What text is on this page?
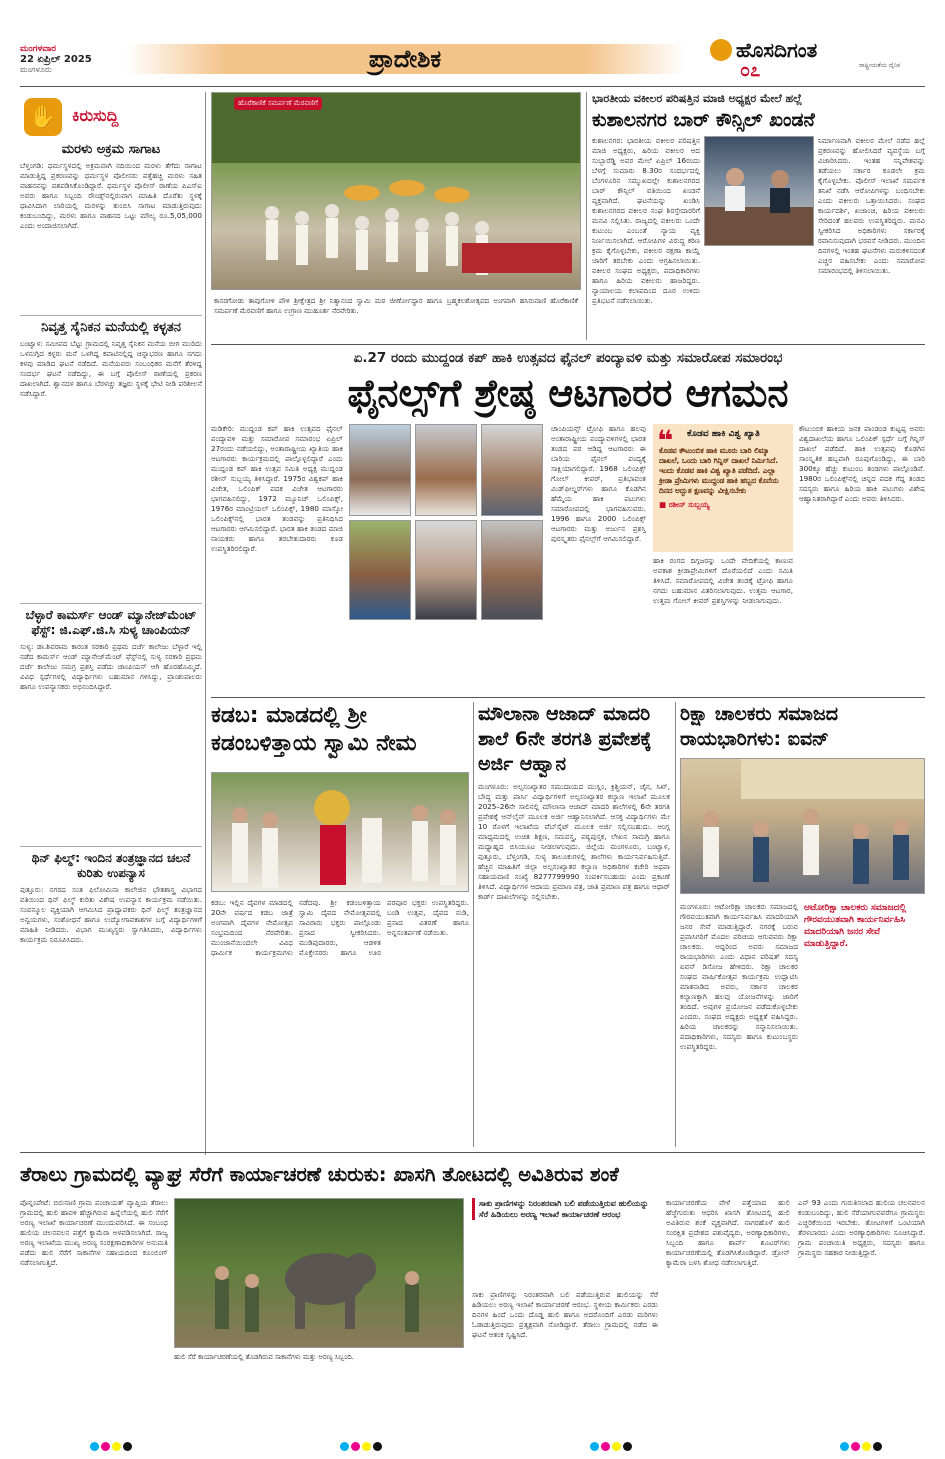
ಮಂಗಳವಾರ
22 ಏಪ್ರಿಲ್ 2025
ಮಂಗಳೂರು	ಪ್ರಾದೇಶಿಕ	ಹೊಸದಿಗಂತ
ರಾಷ್ಟ್ರೀಯತೆಯ ದೈನಿಕ
೦೭
✋ ಕಿರುಸುದ್ದಿ
ಮರಳು ಅಕ್ರಮ ಸಾಗಾಟ
ಬೆಳ್ತಂಗಡಿ: ಧರ್ಮಸ್ಥಳದಲ್ಲಿ ಅಕ್ರಮವಾಗಿ ನದಿಯಿಂದ ಮರಳು ತೆಗೆದು ಸಾಗಾಟ ಮಾಡುತ್ತಿದ್ದ ಪ್ರಕರಣವನ್ನು ಧರ್ಮಸ್ಥಳ ಪೊಲೀಸರು ಪತ್ತೆಹಚ್ಚಿ ಮರಳು ಸಹಿತ ವಾಹನವನ್ನು ವಶಪಡಿಸಿಕೊಂಡಿದ್ದಾರೆ. ಧರ್ಮಸ್ಥಳ ಪೊಲೀಸ್ ಠಾಣೆಯ ಪಿಎಸ್ಐ ಅವರು ಹಾಗೂ ಸಿಬ್ಬಂದಿ ರೌಂಡ್ಸ್‌ನಲ್ಲಿರುವಾಗ ಮಾಹಿತಿ ದೊರೆತು ಸ್ಥಳಕ್ಕೆ ಧಾವಿಸಿದಾಗ ಲಾರಿಯಲ್ಲಿ ಮರಳನ್ನು ತುಂಬಿಸಿ ಸಾಗಾಟ ಮಾಡುತ್ತಿರುವುದು ಕಂಡುಬಂದಿದ್ದು, ಮರಳು ಹಾಗೂ ವಾಹನದ ಒಟ್ಟು ಮೌಲ್ಯ ರೂ.5,05,000 ಎಂದು ಅಂದಾಜಿಸಲಾಗಿದೆ.
ನಿವೃತ್ತ ಸೈನಿಕನ ಮನೆಯಲ್ಲಿ ಕಳ್ಳತನ
ಬಂಟ್ವಾಳ: ಸಮೀಪದ ಬೆಟ್ಟು ಗ್ರಾಮದಲ್ಲಿ ನಿವೃತ್ತ ಸೈನಿಕನ ಮನೆಯ ಬೀಗ ಮುರಿದು ಒಳನುಗ್ಗಿದ ಕಳ್ಳರು ಮನೆ ಒಳಗಿದ್ದ ಕಪಾಟಿನಲ್ಲಿದ್ದ ಚಿನ್ನಾಭರಣ ಹಾಗೂ ನಗದು ಕಳವು ಮಾಡಿದ ಘಟನೆ ನಡೆದಿದೆ. ಮನೆಯವರು ಸಂಬಂಧಿಕರ ಮನೆಗೆ ತೆರಳಿದ್ದ ಸಂದರ್ಭ ಘಟನೆ ನಡೆದಿದ್ದು, ಈ ಬಗ್ಗೆ ಪೊಲೀಸ್ ಠಾಣೆಯಲ್ಲಿ ಪ್ರಕರಣ ದಾಖಲಾಗಿದೆ. ಶ್ವಾನದಳ ಹಾಗೂ ಬೆರಳಚ್ಚು ತಜ್ಞರು ಸ್ಥಳಕ್ಕೆ ಭೇಟಿ ನೀಡಿ ಪರಿಶೀಲನೆ ನಡೆಸಿದ್ದಾರೆ.
ಬೆಳ್ಳಾರೆ ಕಾಮರ್ಸ್ ಆಂಡ್ ಮ್ಯಾನೇಜ್‌ಮೆಂಟ್ ಫೆಸ್ಟ್: ಜಿ.ಎಫ್.ಜಿ.ಸಿ ಸುಳ್ಯ ಚಾಂಪಿಯನ್
ಸುಳ್ಯ: ಡಾ.ಶಿವರಾಮ ಕಾರಂತ ಸರಕಾರಿ ಪ್ರಥಮ ದರ್ಜೆ ಕಾಲೇಜು ಬೆಳ್ಳಾರೆ ಇಲ್ಲಿ ನಡೆದ ಕಾಮರ್ಸ್ ಆಂಡ್ ಮ್ಯಾನೇಜ್‌ಮೆಂಟ್ ಫೆಸ್ಟ್‌ನಲ್ಲಿ ಸುಳ್ಯ ಸರಕಾರಿ ಪ್ರಥಮ ದರ್ಜೆ ಕಾಲೇಜು ಸಮಗ್ರ ಪ್ರಶಸ್ತಿ ಪಡೆದು ಚಾಂಪಿಯನ್ ಆಗಿ ಹೊರಹೊಮ್ಮಿದೆ. ವಿವಿಧ ಸ್ಪರ್ಧೆಗಳಲ್ಲಿ ವಿದ್ಯಾರ್ಥಿಗಳು ಬಹುಮಾನ ಗಳಿಸಿದ್ದು, ಪ್ರಾಂಶುಪಾಲರು ಹಾಗೂ ಉಪನ್ಯಾಸಕರು ಅಭಿನಂದಿಸಿದ್ದಾರೆ.
ಥಿನ್ ಫಿಲ್ಮ್: ಇಂದಿನ ತಂತ್ರಜ್ಞಾನದ ಚಲನೆ ಕುರಿತು ಉಪನ್ಯಾಸ
ಪುತ್ತೂರು: ನಗರದ ಸಂತ ಫಿಲೋಮಿನಾ ಕಾಲೇಜಿನ ಭೌತಶಾಸ್ತ್ರ ವಿಭಾಗದ ವತಿಯಿಂದ ಥಿನ್ ಫಿಲ್ಮ್ ಕುರಿತು ವಿಶೇಷ ಉಪನ್ಯಾಸ ಕಾರ್ಯಕ್ರಮ ನಡೆಯಿತು. ಸಂಪನ್ಮೂಲ ವ್ಯಕ್ತಿಯಾಗಿ ಆಗಮಿಸಿದ ಪ್ರಾಧ್ಯಾಪಕರು ಥಿನ್ ಫಿಲ್ಮ್ ತಂತ್ರಜ್ಞಾನದ ಅನ್ವಯಗಳು, ಸಂಶೋಧನೆ ಹಾಗೂ ಉದ್ಯೋಗಾವಕಾಶಗಳ ಬಗ್ಗೆ ವಿದ್ಯಾರ್ಥಿಗಳಿಗೆ ಮಾಹಿತಿ ನೀಡಿದರು. ವಿಭಾಗ ಮುಖ್ಯಸ್ಥರು ಸ್ವಾಗತಿಸಿದರು, ವಿದ್ಯಾರ್ಥಿಗಳು ಕಾರ್ಯಕ್ರಮ ನಿರೂಪಿಸಿದರು.
ಹೊರೆಕಾಣಿಕೆ ಸಮರ್ಪಣೆ ಮೆರವಣಿಗೆ
ಕಾಸರಗೋಡು ತಾವುಗೋಳಿ ಪೌಳಿ ಶ್ರೀಕ್ಷೇತ್ರದ ಶ್ರೀ ನಿತ್ಯಾನಂದ ಸ್ವಾಮಿ ಮಠ ಜೀರ್ಣೋದ್ಧಾರ ಹಾಗೂ ಬ್ರಹ್ಮಕಲಶೋತ್ಸವದ ಅಂಗವಾಗಿ ಹಸಿರುವಾಣಿ ಹೊರೆಕಾಣಿಕೆ ಸಮರ್ಪಣೆ ಮೆರವಣಿಗೆ ಹಾಗೂ ಉಗ್ರಾಣ ಮುಹೂರ್ತ ನೆರವೇರಿತು.
ಭಾರತೀಯ ವಕೀಲರ ಪರಿಷತ್ತಿನ ಮಾಜಿ ಅಧ್ಯಕ್ಷರ ಮೇಲೆ ಹಲ್ಲೆ
ಕುಶಾಲನಗರ ಬಾರ್ ಕೌನ್ಸಿಲ್ ಖಂಡನೆ
ಕುಶಾಲನಗರ: ಭಾರತೀಯ ವಕೀಲರ ಪರಿಷತ್ತಿನ ಮಾಜಿ ಅಧ್ಯಕ್ಷರು, ಹಿರಿಯ ವಕೀಲರ ಆದ ಸುಬ್ಬಾರೆಡ್ಡಿ ಅವರ ಮೇಲೆ ಏಪ್ರಿಲ್ 16ರಂದು ಬೆಳಗ್ಗೆ ಸುಮಾರು 8.30ರ ಸಂದರ್ಭದಲ್ಲಿ ಬೆಂಗಳೂರಿನ ಸಮ್ಮುಖದಲ್ಲೇ ಕುಶಾಲನಗರದ ಬಾರ್ ಕೌನ್ಸಿಲ್ ವತಿಯಿಂದ ಖಂಡನೆ ವ್ಯಕ್ತವಾಗಿದೆ. ಘಟನೆಯನ್ನು ಖಂಡಿಸಿ ಕುಶಾಲನಗರದ ವಕೀಲರ ಸಂಘ ಶಿರಸ್ತೇದಾರರಿಗೆ ಮನವಿ ಸಲ್ಲಿಸಿತು. ರಾಜ್ಯದಲ್ಲಿ ವಕೀಲರು ಒಂದೇ ಕುಟುಂಬ ಎಂಬಂತೆ ನ್ಯಾಯ ವ್ಯಕ್ತಿ ನಿರ್ಣಯಿಸಲಾಗಿದೆ. ಆರೋಪಿಗಳ ವಿರುದ್ಧ ಕಠಿಣ ಕ್ರಮ ಕೈಗೊಳ್ಳಬೇಕು, ವಕೀಲರ ರಕ್ಷಣಾ ಕಾಯ್ದೆ ಜಾರಿಗೆ ತರಬೇಕು ಎಂದು ಆಗ್ರಹಿಸಲಾಯಿತು. ವಕೀಲರ ಸಂಘದ ಅಧ್ಯಕ್ಷರು, ಪದಾಧಿಕಾರಿಗಳು ಹಾಗೂ ಹಿರಿಯ ವಕೀಲರು ಹಾಜರಿದ್ದರು. ನ್ಯಾಯಾಲಯ ಕಲಾಪದಿಂದ ದೂರ ಉಳಿದು ಪ್ರತಿಭಟನೆ ನಡೆಸಲಾಯಿತು.
ನಿರ್ಮಾಣವಾಗಿ ವಕೀಲರ ಮೇಲೆ ನಡೆದ ಹಲ್ಲೆ ಪ್ರಕರಣವನ್ನು ಹೋಲಿಸಿದರೆ ವ್ಯವಸ್ಥೆಯ ಬಗ್ಗೆ ವಿಚಾರಿಸಿದರು. ಇಂತಹ ಸನ್ನಿವೇಶವನ್ನು ತಡೆಯಲು ಸರ್ಕಾರ ಕೂಡಲೇ ಕ್ರಮ ಕೈಗೊಳ್ಳಬೇಕು. ಪೊಲೀಸ್ ಇಲಾಖೆ ಸಮರ್ಪಕ ತನಿಖೆ ನಡೆಸಿ ಆರೋಪಿಗಳನ್ನು ಬಂಧಿಸಬೇಕು ಎಂದು ವಕೀಲರು ಒತ್ತಾಯಿಸಿದರು. ಸಂಘದ ಕಾರ್ಯದರ್ಶಿ, ಖಜಾಂಚಿ, ಹಿರಿಯ ವಕೀಲರು ಸೇರಿದಂತೆ ಹಲವರು ಉಪಸ್ಥಿತರಿದ್ದರು. ಮನವಿ ಸ್ವೀಕರಿಸಿದ ಅಧಿಕಾರಿಗಳು ಸರ್ಕಾರಕ್ಕೆ ರವಾನಿಸುವುದಾಗಿ ಭರವಸೆ ನೀಡಿದರು. ಮುಂದಿನ ದಿನಗಳಲ್ಲಿ ಇಂತಹ ಘಟನೆಗಳು ಮರುಕಳಿಸದಂತೆ ಎಚ್ಚರ ವಹಿಸಬೇಕು ಎಂದು ಸಮಾರೋಪ ಸಮಾರಂಭದಲ್ಲಿ ತಿಳಿಸಲಾಯಿತು.
ಏ.27 ರಂದು ಮುದ್ದಂಡ ಕಪ್ ಹಾಕಿ ಉತ್ಸವದ ಫೈನಲ್ ಪಂದ್ಯಾವಳಿ ಮತ್ತು ಸಮಾರೋಪ ಸಮಾರಂಭ
ಫೈನಲ್ಸ್‌ಗೆ ಶ್ರೇಷ್ಠ ಆಟಗಾರರ ಆಗಮನ
ಮಡಿಕೇರಿ: ಮುದ್ದಂಡ ಕಪ್ ಹಾಕಿ ಉತ್ಸವದ ಫೈನಲ್ ಪಂದ್ಯಾವಳಿ ಮತ್ತು ಸಮಾರೋಪ ಸಮಾರಂಭ ಏಪ್ರಿಲ್ 27ರಂದು ನಡೆಯಲಿದ್ದು, ಅಂತಾರಾಷ್ಟ್ರೀಯ ಖ್ಯಾತಿಯ ಹಾಕಿ ಆಟಗಾರರು ಕಾರ್ಯಕ್ರಮದಲ್ಲಿ ಪಾಲ್ಗೊಳ್ಳಲಿದ್ದಾರೆ ಎಂದು ಮುದ್ದಂಡ ಕಪ್ ಹಾಕಿ ಉತ್ಸವ ಸಮಿತಿ ಅಧ್ಯಕ್ಷ ಮುದ್ದಂಡ ರಶೀನ್ ಸುಬ್ಬಯ್ಯ ತಿಳಿಸಿದ್ದಾರೆ. 1975ರ ವಿಶ್ವಕಪ್ ಹಾಕಿ ವಿಜೇತ, ಒಲಿಂಪಿಕ್ ಪದಕ ವಿಜೇತ ಆಟಗಾರರು ಭಾಗವಹಿಸಲಿದ್ದು, 1972 ಮ್ಯೂನಿಚ್ ಒಲಿಂಪಿಕ್ಸ್, 1976ರ ಮಾಂಟ್ರಿಯಲ್ ಒಲಿಂಪಿಕ್ಸ್, 1980 ಮಾಸ್ಕೋ ಒಲಿಂಪಿಕ್ಸ್‌ನಲ್ಲಿ ಭಾರತ ತಂಡವನ್ನು ಪ್ರತಿನಿಧಿಸಿದ ಆಟಗಾರರು ಆಗಮಿಸಲಿದ್ದಾರೆ. ಭಾರತ ಹಾಕಿ ತಂಡದ ಮಾಜಿ ನಾಯಕರು ಹಾಗೂ ತರಬೇತುದಾರರು ಕೂಡ ಉಪಸ್ಥಿತರಿರಲಿದ್ದಾರೆ.
ಚಾಂಪಿಯನ್ಸ್ ಟ್ರೋಫಿ ಹಾಗೂ ಹಲವು ಅಂತಾರಾಷ್ಟ್ರೀಯ ಪಂದ್ಯಾವಳಿಗಳಲ್ಲಿ ಭಾರತ ತಂಡದ ಪರ ಆಡಿದ್ದ ಆಟಗಾರರು ಈ ಬಾರಿಯ ಫೈನಲ್ ಪಂದ್ಯಕ್ಕೆ ಸಾಕ್ಷಿಯಾಗಲಿದ್ದಾರೆ. 1968 ಒಲಿಂಪಿಕ್ಸ್ ಗೋಲ್ ಕೀಪರ್, ಪ್ರತಿಭಾವಂತ ಮಿಡ್‌ಫೀಲ್ಡರ್‌ಗಳು ಹಾಗೂ ಕೊಡಗಿನ ಹೆಮ್ಮೆಯ ಹಾಕಿ ಪಟುಗಳು ಸಮಾರೋಪದಲ್ಲಿ ಭಾಗವಹಿಸುವರು. 1996 ಹಾಗೂ 2000 ಒಲಿಂಪಿಕ್ಸ್ ಆಟಗಾರರು ಮತ್ತು ಅರ್ಜುನ ಪ್ರಶಸ್ತಿ ಪುರಸ್ಕೃತರು ಫೈನಲ್ಸ್‌ಗೆ ಆಗಮಿಸಲಿದ್ದಾರೆ.
❝ ಕೊಡವ ಹಾಕಿ ವಿಶ್ವ ಖ್ಯಾತಿ
ಕೊಡವ ಕೌಟುಂಬಿಕ ಹಾಕಿ ಮೂರು ಬಾರಿ ಲಿಮ್ಕಾ ದಾಖಲೆ, ಒಂದು ಬಾರಿ ಗಿನ್ನಿಸ್ ದಾಖಲೆ ನಿರ್ಮಿಸಿದೆ. ಇಂದು ಕೊಡವ ಹಾಕಿ ವಿಶ್ವ ಖ್ಯಾತಿ ಪಡೆದಿದೆ. ಎಲ್ಲಾ ಕ್ರೀಡಾ ಪ್ರೇಮಿಗಳು ಮುದ್ದಂಡ ಹಾಕಿ ಹಬ್ಬದ ಕೊನೆಯ ದಿನದ ಅದ್ಭುತ ಕ್ಷಣವನ್ನು ವೀಕ್ಷಿಸಬೇಕು
■ ರಶೀನ್ ಸುಬ್ಬಯ್ಯ
ಹಾಕಿ ರಂಗದ ದಿಗ್ಗಜರನ್ನು ಒಂದೇ ವೇದಿಕೆಯಲ್ಲಿ ಕಾಣುವ ಅವಕಾಶ ಕ್ರೀಡಾಪ್ರೇಮಿಗಳಿಗೆ ದೊರೆಯಲಿದೆ ಎಂದು ಸಮಿತಿ ತಿಳಿಸಿದೆ. ಸಮಾರೋಪದಲ್ಲಿ ವಿಜೇತ ತಂಡಕ್ಕೆ ಟ್ರೋಫಿ ಹಾಗೂ ನಗದು ಬಹುಮಾನ ವಿತರಿಸಲಾಗುವುದು. ಉತ್ತಮ ಆಟಗಾರ, ಉತ್ತಮ ಗೋಲ್ ಕೀಪರ್ ಪ್ರಶಸ್ತಿಗಳನ್ನು ನೀಡಲಾಗುವುದು.
ಕೌಟುಂಬಿಕ ಹಾಕಿಯ ಜನಕ ಪಾಂಡಂಡ ಕುಟ್ಟಪ್ಪ ಅವರು ವಿಶ್ವದಾಖಲೆಯ ಹಾಗೂ ಒಲಿಂಪಿಕ್ ಸ್ಪರ್ಧೆ ಬಗ್ಗೆ ಗಿನ್ನಿಸ್ ದಾಖಲೆ ಪಡೆದಿದೆ. ಹಾಕಿ ಉತ್ಸವವು ಕೊಡಗಿನ ಸಾಂಸ್ಕೃತಿಕ ಹಬ್ಬವಾಗಿ ರೂಪುಗೊಂಡಿದ್ದು, ಈ ಬಾರಿ 300ಕ್ಕೂ ಹೆಚ್ಚು ಕುಟುಂಬ ತಂಡಗಳು ಪಾಲ್ಗೊಂಡಿವೆ. 1980ರ ಒಲಿಂಪಿಕ್ಸ್‌ನಲ್ಲಿ ಚಿನ್ನದ ಪದಕ ಗೆದ್ದ ತಂಡದ ಸದಸ್ಯರು ಹಾಗೂ ಹಿರಿಯ ಹಾಕಿ ಪಟುಗಳು ವಿಶೇಷ ಆಹ್ವಾನಿತರಾಗಿದ್ದಾರೆ ಎಂದು ಅವರು ತಿಳಿಸಿದರು.
ಕಡಬ: ಮಾಡದಲ್ಲಿ ಶ್ರೀ ಕಡಂಬಳಿತ್ತಾಯ ಸ್ವಾಮಿ ನೇಮ
ಕಡಬ: ಇಲ್ಲಿನ ದೈವಗಳ ಮಾಡದಲ್ಲಿ 20ನೇ ವರ್ಷದ ಕಡಬ ಜಾತ್ರೆ ಅಂಗವಾಗಿ ದೈವಗಳ ನೇಮೋತ್ಸವ ಸಂಭ್ರಮದಿಂದ ನೆರವೇರಿತು. ಮುಂಜಾನೆಯಿಂದಲೇ ವಿವಿಧ ಧಾರ್ಮಿಕ ಕಾರ್ಯಕ್ರಮಗಳು ನಡೆದವು. ಶ್ರೀ ಕಡಂಬಳಿತ್ತಾಯ ಸ್ವಾಮಿ ದೈವದ ನೇಮೋತ್ಸವದಲ್ಲಿ ಸಾವಿರಾರು ಭಕ್ತರು ಪಾಲ್ಗೊಂಡು ಪ್ರಸಾದ ಸ್ವೀಕರಿಸಿದರು. ಮುಡಿಪುದಾರರು, ಆಡಳಿತ ಮೊಕ್ತೇಸರರು ಹಾಗೂ ಊರ ಪರವೂರ ಭಕ್ತರು ಉಪಸ್ಥಿತರಿದ್ದರು. ಬಂಡಿ ಉತ್ಸವ, ದೈವದ ನುಡಿ, ಪ್ರಸಾದ ವಿತರಣೆ ಹಾಗೂ ಅನ್ನಸಂತರ್ಪಣೆ ನಡೆಯಿತು.
ಮೌಲಾನಾ ಆಜಾದ್ ಮಾದರಿ ಶಾಲೆ 6ನೇ ತರಗತಿ ಪ್ರವೇಶಕ್ಕೆ ಅರ್ಜಿ ಆಹ್ವಾನ
ಮಂಗಳೂರು: ಅಲ್ಪಸಂಖ್ಯಾತರ ಸಮುದಾಯದ ಮುಸ್ಲಿಂ, ಕ್ರಿಶ್ಚಿಯನ್, ಜೈನ, ಸಿಖ್, ಬೌದ್ಧ ಮತ್ತು ಪಾರ್ಸಿ ವಿದ್ಯಾರ್ಥಿಗಳಿಗೆ ಅಲ್ಪಸಂಖ್ಯಾತರ ಕಲ್ಯಾಣ ಇಲಾಖೆ ಮೂಲಕ 2025–26ನೇ ಸಾಲಿನಲ್ಲಿ ಮೌಲಾನಾ ಆಜಾದ್ ಮಾದರಿ ಶಾಲೆಗಳಲ್ಲಿ 6ನೇ ತರಗತಿ ಪ್ರವೇಶಕ್ಕೆ ಆನ್‌ಲೈನ್ ಮೂಲಕ ಅರ್ಜಿ ಆಹ್ವಾನಿಸಲಾಗಿದೆ. ಆಸಕ್ತ ವಿದ್ಯಾರ್ಥಿಗಳು ಮೇ 10 ರೊಳಗೆ ಇಲಾಖೆಯ ವೆಬ್‌ಸೈಟ್ ಮೂಲಕ ಅರ್ಜಿ ಸಲ್ಲಿಸಬಹುದು. ಆಂಗ್ಲ ಮಾಧ್ಯಮದಲ್ಲಿ ಉಚಿತ ಶಿಕ್ಷಣ, ಸಮವಸ್ತ್ರ, ಪಠ್ಯಪುಸ್ತಕ, ಲೇಖನ ಸಾಮಗ್ರಿ ಹಾಗೂ ಮಧ್ಯಾಹ್ನದ ಬಿಸಿಯೂಟ ನೀಡಲಾಗುವುದು. ಜಿಲ್ಲೆಯ ಮಂಗಳೂರು, ಬಂಟ್ವಾಳ, ಪುತ್ತೂರು, ಬೆಳ್ತಂಗಡಿ, ಸುಳ್ಯ ತಾಲೂಕುಗಳಲ್ಲಿ ಶಾಲೆಗಳು ಕಾರ್ಯನಿರ್ವಹಿಸುತ್ತಿವೆ. ಹೆಚ್ಚಿನ ಮಾಹಿತಿಗೆ ಜಿಲ್ಲಾ ಅಲ್ಪಸಂಖ್ಯಾತರ ಕಲ್ಯಾಣ ಅಧಿಕಾರಿಗಳ ಕಚೇರಿ ಅಥವಾ ಸಹಾಯವಾಣಿ ಸಂಖ್ಯೆ 8277799990 ಸಂಪರ್ಕಿಸಬಹುದು ಎಂದು ಪ್ರಕಟಣೆ ತಿಳಿಸಿದೆ. ವಿದ್ಯಾರ್ಥಿಗಳ ಆದಾಯ ಪ್ರಮಾಣ ಪತ್ರ, ಜಾತಿ ಪ್ರಮಾಣ ಪತ್ರ ಹಾಗೂ ಆಧಾರ್ ಕಾರ್ಡ್ ದಾಖಲೆಗಳನ್ನು ಸಲ್ಲಿಸಬೇಕು.
ರಿಕ್ಷಾ ಚಾಲಕರು ಸಮಾಜದ ರಾಯಭಾರಿಗಳು: ಐವನ್
ಮಂಗಳೂರು: ಆಟೋರಿಕ್ಷಾ ಚಾಲಕರು ಸಮಾಜದಲ್ಲಿ ಗೌರವಯುತವಾಗಿ ಕಾರ್ಯನಿರ್ವಹಿಸಿ ಮಾದರಿಯಾಗಿ ಜನರ ಸೇವೆ ಮಾಡುತ್ತಿದ್ದಾರೆ. ನಗರಕ್ಕೆ ಬರುವ ಪ್ರವಾಸಿಗರಿಗೆ ಮೊದಲ ಪರಿಚಯ ಆಗುವವರು ರಿಕ್ಷಾ ಚಾಲಕರು. ಆದ್ದರಿಂದ ಅವರು ಸಮಾಜದ ರಾಯಭಾರಿಗಳು ಎಂದು ವಿಧಾನ ಪರಿಷತ್ ಸದಸ್ಯ ಐವನ್ ಡಿಸೋಜ ಹೇಳಿದರು. ರಿಕ್ಷಾ ಚಾಲಕರ ಸಂಘದ ವಾರ್ಷಿಕೋತ್ಸವ ಕಾರ್ಯಕ್ರಮ ಉದ್ಘಾಟಿಸಿ ಮಾತನಾಡಿದ ಅವರು, ಸರ್ಕಾರ ಚಾಲಕರ ಕಲ್ಯಾಣಕ್ಕಾಗಿ ಹಲವು ಯೋಜನೆಗಳನ್ನು ಜಾರಿಗೆ ತಂದಿದೆ. ಅವುಗಳ ಪ್ರಯೋಜನ ಪಡೆದುಕೊಳ್ಳಬೇಕು ಎಂದರು. ಸಂಘದ ಅಧ್ಯಕ್ಷರು ಅಧ್ಯಕ್ಷತೆ ವಹಿಸಿದ್ದರು. ಹಿರಿಯ ಚಾಲಕರನ್ನು ಸನ್ಮಾನಿಸಲಾಯಿತು. ಪದಾಧಿಕಾರಿಗಳು, ಸದಸ್ಯರು ಹಾಗೂ ಕುಟುಂಬಸ್ಥರು ಉಪಸ್ಥಿತರಿದ್ದರು.
ಆಟೋರಿಕ್ಷಾ ಚಾಲಕರು ಸಮಾಜದಲ್ಲಿ ಗೌರವಯುತವಾಗಿ ಕಾರ್ಯನಿರ್ವಹಿಸಿ ಮಾದರಿಯಾಗಿ ಜನರ ಸೇವೆ ಮಾಡುತ್ತಿದ್ದಾರೆ.
ತೆರಾಲು ಗ್ರಾಮದಲ್ಲಿ ವ್ಯಾಘ್ರ ಸೆರೆಗೆ ಕಾರ್ಯಾಚರಣೆ ಚುರುಕು: ಖಾಸಗಿ ತೋಟದಲ್ಲಿ ಅವಿತಿರುವ ಶಂಕೆ
ಪೊನ್ನಂಪೇಟೆ: ಬಿರುನಾಣಿ ಗ್ರಾಮ ಪಂಚಾಯತ್ ವ್ಯಾಪ್ತಿಯ ತೆರಾಲು ಗ್ರಾಮದಲ್ಲಿ ಹುಲಿ ಹಾವಳಿ ಹೆಚ್ಚಾಗಿರುವ ಹಿನ್ನೆಲೆಯಲ್ಲಿ ಹುಲಿ ಸೆರೆಗೆ ಅರಣ್ಯ ಇಲಾಖೆ ಕಾರ್ಯಾಚರಣೆ ಮುಂದುವರಿಸಿದೆ. ಈ ಸಂಬಂಧ ಹುಲಿಯ ಚಲನವಲನ ಪತ್ತೆಗೆ ಕ್ಯಾಮೆರಾ ಅಳವಡಿಸಲಾಗಿದೆ. ರಾಜ್ಯ ಅರಣ್ಯ ಇಲಾಖೆಯ ಮುಖ್ಯ ಅರಣ್ಯ ಸಂರಕ್ಷಣಾಧಿಕಾರಿಗಳ ಅನುಮತಿ ಪಡೆದು ಹುಲಿ ಸೆರೆಗೆ ಸಾಕಾನೆಗಳ ಸಹಾಯದಿಂದ ಕೂಂಬಿಂಗ್ ನಡೆಸಲಾಗುತ್ತಿದೆ.
ಹುಲಿ ಸೆರೆ ಕಾರ್ಯಾಚರಣೆಯಲ್ಲಿ ತೊಡಗಿರುವ ಸಾಕಾನೆಗಳು ಮತ್ತು ಅರಣ್ಯ ಸಿಬ್ಬಂದಿ.
ಸಾಕು ಪ್ರಾಣಿಗಳನ್ನು ನಿರಂತರವಾಗಿ ಬಲಿ ಪಡೆಯುತ್ತಿರುವ ಹುಲಿಯನ್ನು ಸೆರೆ ಹಿಡಿಯಲು ಅರಣ್ಯ ಇಲಾಖೆ ಕಾರ್ಯಾಚರಣೆ ಆರಂಭ
ಸಾಕು ಪ್ರಾಣಿಗಳನ್ನು ನಿರಂತರವಾಗಿ ಬಲಿ ಪಡೆಯುತ್ತಿರುವ ಹುಲಿಯನ್ನು ಸೆರೆ ಹಿಡಿಯಲು ಅರಣ್ಯ ಇಲಾಖೆ ಕಾರ್ಯಾಚರಣೆ ಆರಂಭ. ಸ್ಥಳೀಯ ಕಾರ್ಮಿಕರು ಎರಡು ದಿನಗಳ ಹಿಂದೆ ಒಂದು ದೊಡ್ಡ ಹುಲಿ ಹಾಗೂ ಅದರೊಂದಿಗೆ ಎರಡು ಮರಿಗಳು ಓಡಾಡುತ್ತಿರುವುದು ಪ್ರತ್ಯಕ್ಷವಾಗಿ ನೋಡಿದ್ದಾರೆ. ತೆರಾಲು ಗ್ರಾಮದಲ್ಲಿ ನಡೆದ ಈ ಘಟನೆ ಆತಂಕ ಸೃಷ್ಟಿಸಿದೆ.
ಕಾರ್ಯಾಚರಣೆಯ ವೇಳೆ ಪತ್ತೆಯಾದ ಹುಲಿ ಹೆಜ್ಜೆಗುರುತು ಆಧರಿಸಿ ಖಾಸಗಿ ತೋಟದಲ್ಲಿ ಹುಲಿ ಅವಿತಿರುವ ಶಂಕೆ ವ್ಯಕ್ತವಾಗಿದೆ. ನಾಗರಹೊಳೆ ಹುಲಿ ಸಂರಕ್ಷಿತ ಪ್ರದೇಶದ ಪಶುವೈದ್ಯರು, ಅರಣ್ಯಾಧಿಕಾರಿಗಳು, ಸಿಬ್ಬಂದಿ ಹಾಗೂ ಶಾರ್ಪ್ ಶೂಟರ್‌ಗಳು ಕಾರ್ಯಾಚರಣೆಯಲ್ಲಿ ತೊಡಗಿಸಿಕೊಂಡಿದ್ದಾರೆ. ಡ್ರೋನ್ ಕ್ಯಾಮೆರಾ ಬಳಸಿ ಶೋಧ ನಡೆಸಲಾಗುತ್ತಿದೆ.
ಎನ್ 93 ಎಂದು ಗುರುತಿಸಲಾದ ಹುಲಿಯ ಚಲನವಲನ ಕಂಡುಬಂದಿದ್ದು, ಹುಲಿ ಸೆರೆಯಾಗುವವರೆಗೂ ಗ್ರಾಮಸ್ಥರು ಎಚ್ಚರಿಕೆಯಿಂದ ಇರಬೇಕು. ತೋಟಗಳಿಗೆ ಒಂಟಿಯಾಗಿ ತೆರಳಬಾರದು ಎಂದು ಅರಣ್ಯಾಧಿಕಾರಿಗಳು ಸೂಚಿಸಿದ್ದಾರೆ. ಗ್ರಾಮ ಪಂಚಾಯಿತಿ ಅಧ್ಯಕ್ಷರು, ಸದಸ್ಯರು ಹಾಗೂ ಗ್ರಾಮಸ್ಥರು ಸಹಕಾರ ನೀಡುತ್ತಿದ್ದಾರೆ.
